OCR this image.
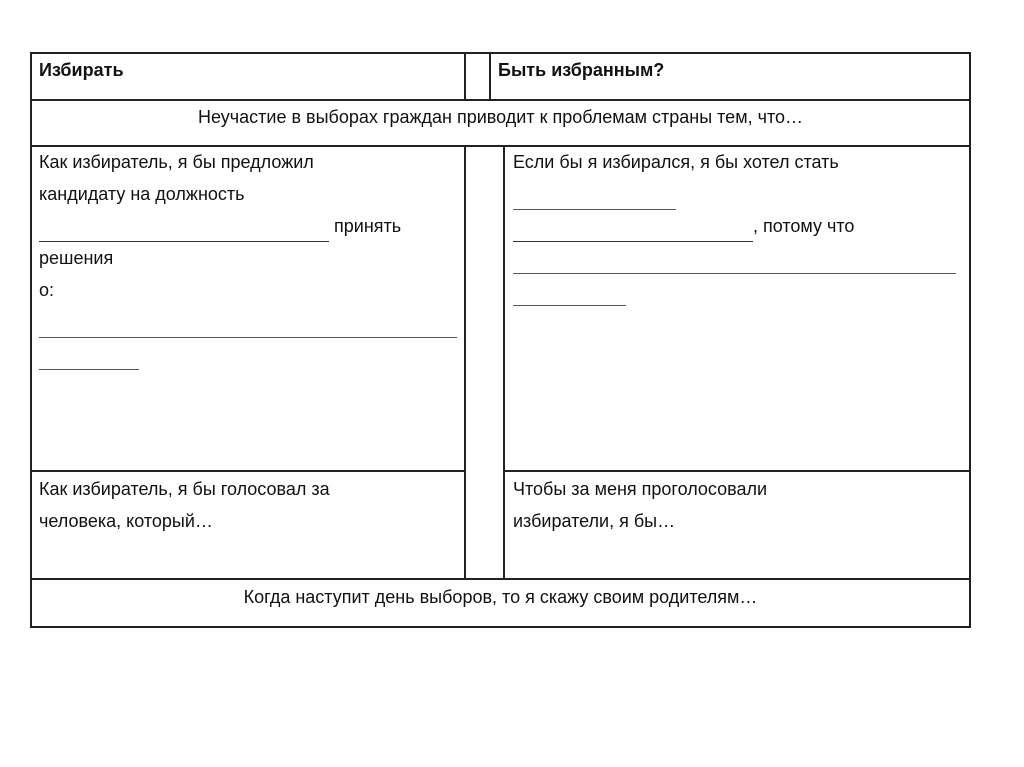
Избирать	Быть избранным?
Неучастие в выборах граждан приводит к проблемам страны тем, что…
Как избиратель, я бы предложил
кандидату на должность
принять
решения
о:
Если бы я избирался, я бы хотел стать
, потому что
Как избиратель, я бы голосовал за
человека, который…
Чтобы за меня проголосовали
избиратели, я бы…
Когда наступит день выборов, то я скажу своим родителям…
